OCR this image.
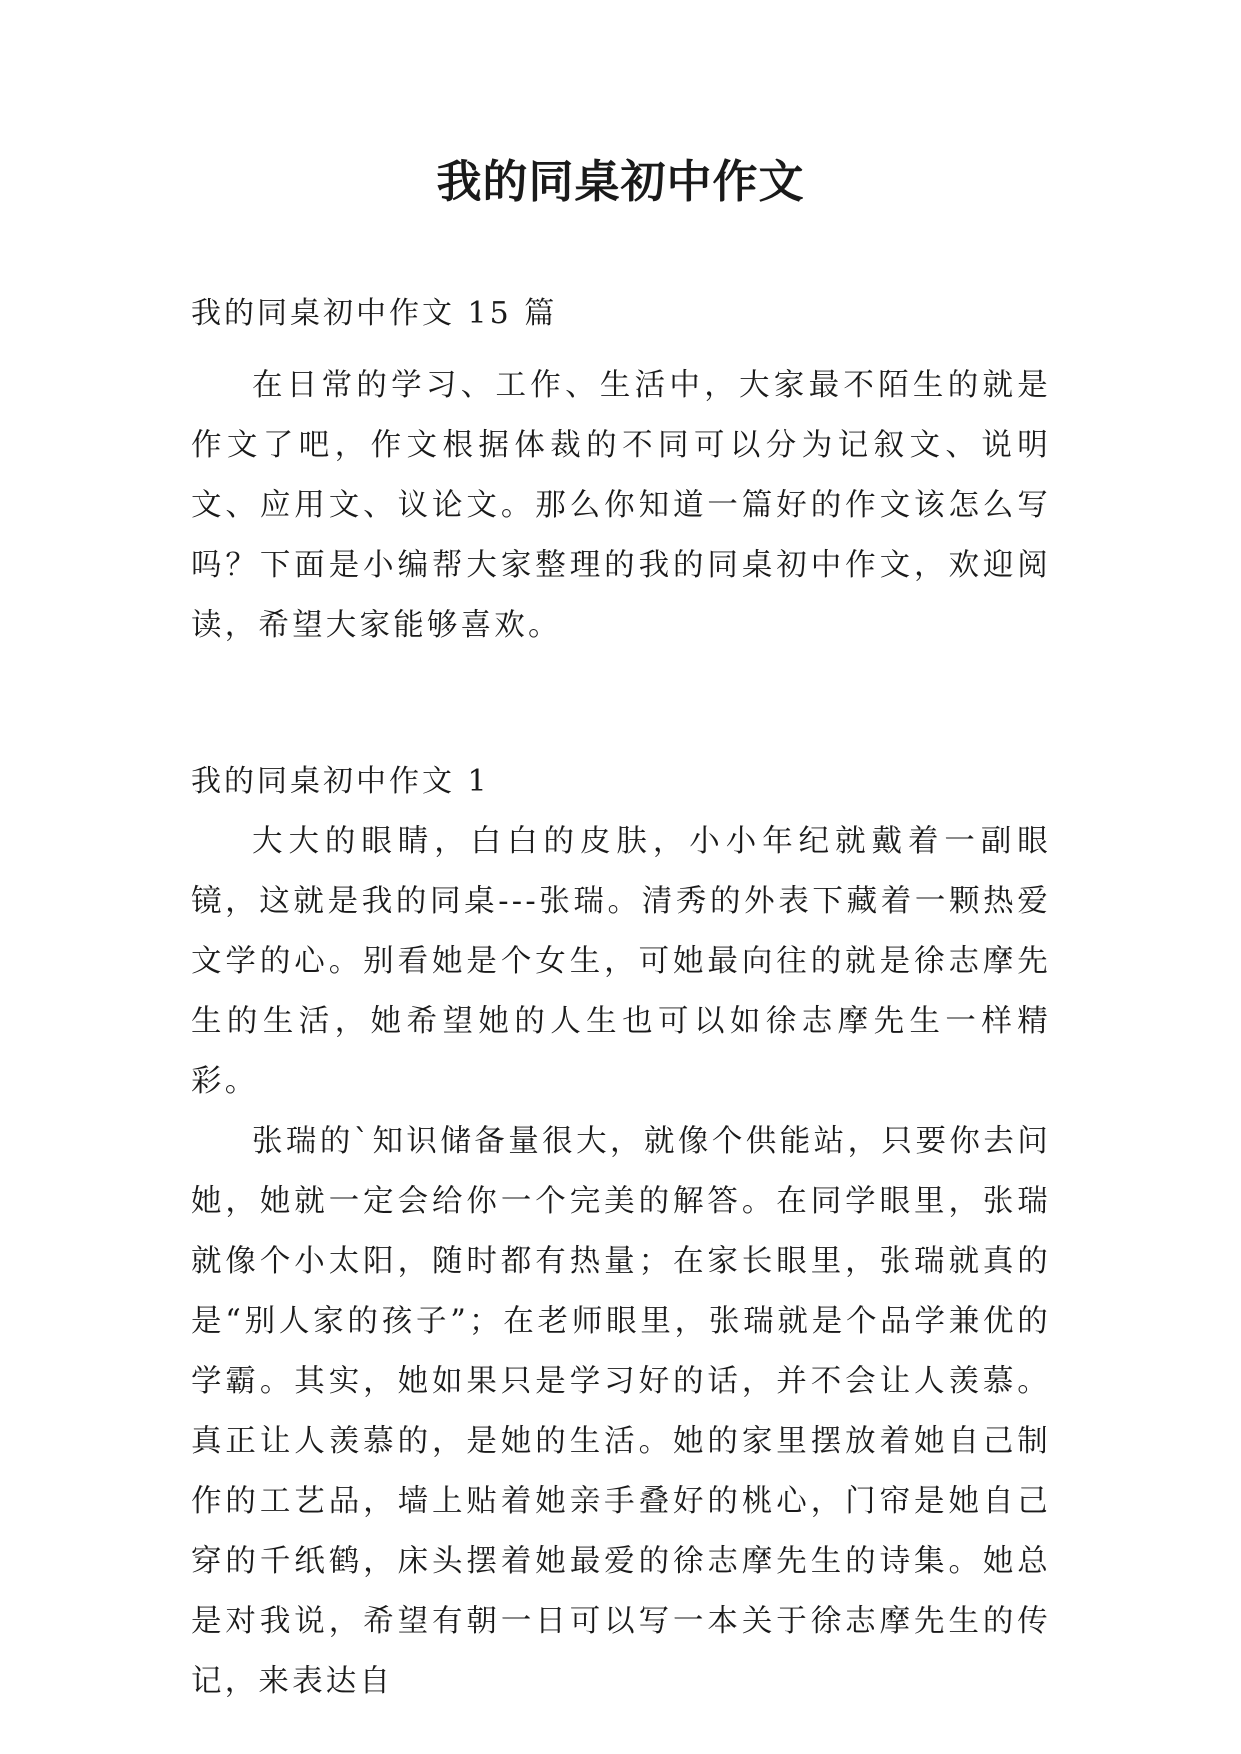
我的同桌初中作文

我的同桌初中作文 15 篇

在日常的学习、工作、生活中，大家最不陌生的就是作文了吧，作文根据体裁的不同可以分为记叙文、说明文、应用文、议论文。那么你知道一篇好的作文该怎么写吗？下面是小编帮大家整理的我的同桌初中作文，欢迎阅读，希望大家能够喜欢。

我的同桌初中作文 1

大大的眼睛，白白的皮肤，小小年纪就戴着一副眼镜，这就是我的同桌---张瑞。清秀的外表下藏着一颗热爱文学的心。别看她是个女生，可她最向往的就是徐志摩先生的生活，她希望她的人生也可以如徐志摩先生一样精彩。

张瑞的`知识储备量很大，就像个供能站，只要你去问她，她就一定会给你一个完美的解答。在同学眼里，张瑞就像个小太阳，随时都有热量；在家长眼里，张瑞就真的是“别人家的孩子”；在老师眼里，张瑞就是个品学兼优的学霸。其实，她如果只是学习好的话，并不会让人羡慕。真正让人羡慕的，是她的生活。她的家里摆放着她自己制作的工艺品，墙上贴着她亲手叠好的桃心，门帘是她自己穿的千纸鹤，床头摆着她最爱的徐志摩先生的诗集。她总是对我说，希望有朝一日可以写一本关于徐志摩先生的传记，来表达自
